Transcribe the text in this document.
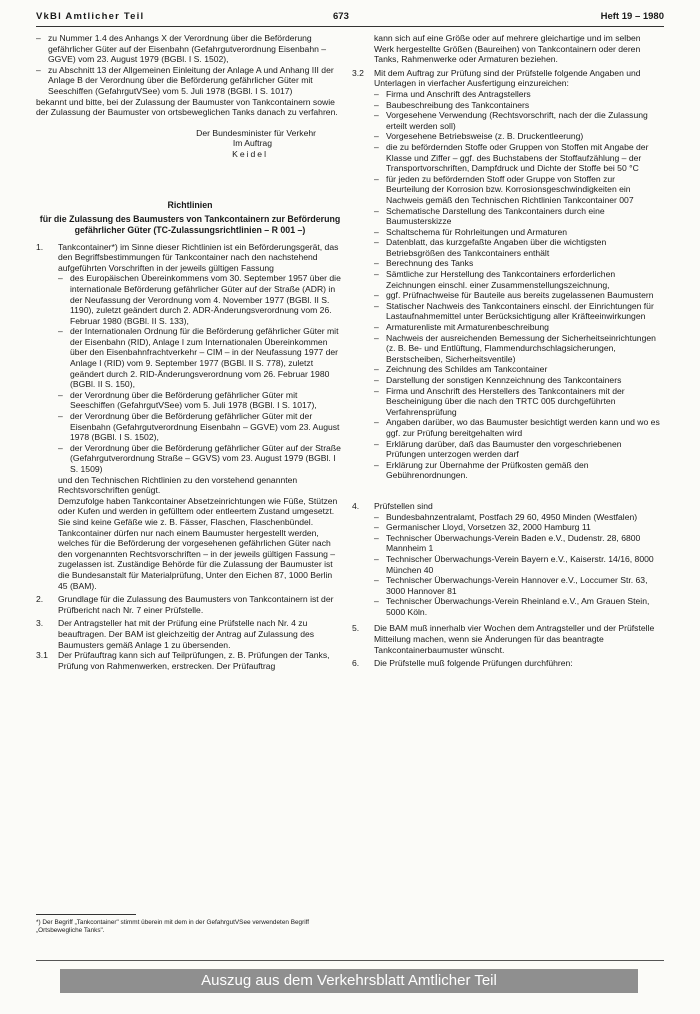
VkBl Amtlicher Teil	673	Heft 19 – 1980
– zu Nummer 1.4 des Anhangs X der Verordnung über die Beförderung gefährlicher Güter auf der Eisenbahn (Gefahrgutverordnung Eisenbahn – GGVE) vom 23. August 1979 (BGBl. I S. 1502),
– zu Abschnitt 13 der Allgemeinen Einleitung der Anlage A und Anhang III der Anlage B der Verordnung über die Beförderung gefährlicher Güter mit Seeschiffen (GefahrgutVSee) vom 5. Juli 1978 (BGBl. I S. 1017)

bekannt und bitte, bei der Zulassung der Baumuster von Tankcontainern sowie der Zulassung der Baumuster von ortsbeweglichen Tanks danach zu verfahren.

Der Bundesminister für Verkehr
Im Auftrag
Keidel
Richtlinien
für die Zulassung des Baumusters von Tankcontainern zur Beförderung gefährlicher Güter (TC-Zulassungsrichtlinien – R 001 –)
1.	Tankcontainer*) im Sinne dieser Richtlinien ist ein Beförderungsgerät, das den Begriffsbestimmungen für Tankcontainer nach den nachstehend aufgeführten Vorschriften in der jeweils gültigen Fassung
– des Europäischen Übereinkommens vom 30. September 1957 über die internationale Beförderung gefährlicher Güter auf der Straße (ADR) in der Neufassung der Verordnung vom 4. November 1977 (BGBl. II S. 1190), zuletzt geändert durch 2. ADR-Änderungsverordnung vom 26. Februar 1980 (BGBl. II S. 133),
– der Internationalen Ordnung für die Beförderung gefährlicher Güter mit der Eisenbahn (RID), Anlage I zum Internationalen Übereinkommen über den Eisenbahnfrachtverkehr – CIM – in der Neufassung 1977 der Anlage I (RID) vom 9. September 1977 (BGBl. II S. 778), zuletzt geändert durch 2. RID-Änderungsverordnung vom 26. Februar 1980 (BGBl. II S. 150),
– der Verordnung über die Beförderung gefährlicher Güter mit Seeschiffen (GefahrgutVSee) vom 5. Juli 1978 (BGBl. I S. 1017),
– der Verordnung über die Beförderung gefährlicher Güter mit der Eisenbahn (Gefahrgutverordnung Eisenbahn – GGVE) vom 23. August 1978 (BGBl. I S. 1502),
– der Verordnung über die Beförderung gefährlicher Güter auf der Straße (Gefahrgutverordnung Straße – GGVS) vom 23. August 1979 (BGBl. I S. 1509)

und den Technischen Richtlinien zu den vorstehend genannten Rechtsvorschriften genügt.

Demzufolge haben Tankcontainer Absetzeinrichtungen wie Füße, Stützen oder Kufen und werden in gefülltem oder entleertem Zustand umgesetzt. Sie sind keine Gefäße wie z. B. Fässer, Flaschen, Flaschenbündel.

Tankcontainer dürfen nur nach einem Baumuster hergestellt werden, welches für die Beförderung der vorgesehenen gefährlichen Güter nach den vorgenannten Rechtsvorschriften – in der jeweils gültigen Fassung – zugelassen ist. Zuständige Behörde für die Zulassung der Baumuster ist die Bundesanstalt für Materialprüfung, Unter den Eichen 87, 1000 Berlin 45 (BAM).

2.	Grundlage für die Zulassung des Baumusters von Tankcontainern ist der Prüfbericht nach Nr. 7 einer Prüfstelle.
3.	Der Antragsteller hat mit der Prüfung eine Prüfstelle nach Nr. 4 zu beauftragen. Der BAM ist gleichzeitig der Antrag auf Zulassung des Baumusters gemäß Anlage 1 zu übersenden.
3.1	Der Prüfauftrag kann sich auf Teilprüfungen, z. B. Prüfungen der Tanks, Prüfung von Rahmenwerken, erstrecken. Der Prüfauftrag

kann sich auf eine Größe oder auf mehrere gleichartige und im selben Werk hergestellte Größen (Baureihen) von Tankcontainern oder deren Tanks, Rahmenwerke oder Armaturen beziehen.

3.2	Mit dem Auftrag zur Prüfung sind der Prüfstelle folgende Angaben und Unterlagen in vierfacher Ausfertigung einzureichen:
– Firma und Anschrift des Antragstellers
– Baubeschreibung des Tankcontainers
– Vorgesehene Verwendung (Rechtsvorschrift, nach der die Zulassung erteilt werden soll)
– Vorgesehene Betriebsweise (z. B. Druckentleerung)
– die zu befördernden Stoffe oder Gruppen von Stoffen mit Angabe der Klasse und Ziffer – ggf. des Buchstabens der Stoffaufzählung – der Transportvorschriften, Dampfdruck und Dichte der Stoffe bei 50 °C
– für jeden zu befördernden Stoff oder Gruppe von Stoffen zur Beurteilung der Korrosion bzw. Korrosionsgeschwindigkeiten ein Nachweis gemäß den Technischen Richtlinien Tankcontainer 007
– Schematische Darstellung des Tankcontainers durch eine Baumusterskizze
– Schaltschema für Rohrleitungen und Armaturen
– Datenblatt, das kurzgefaßte Angaben über die wichtigsten Betriebsgrößen des Tankcontainers enthält
– Berechnung des Tanks
– Sämtliche zur Herstellung des Tankcontainers erforderlichen Zeichnungen einschl. einer Zusammenstellungszeichnung,
– ggf. Prüfnachweise für Bauteile aus bereits zugelassenen Baumustern
– Statischer Nachweis des Tankcontainers einschl. der Einrichtungen für Lastaufnahmemittel unter Berücksichtigung aller Kräfteeinwirkungen
– Armaturenliste mit Armaturenbeschreibung
– Nachweis der ausreichenden Bemessung der Sicherheitseinrichtungen (z. B. Be- und Entlüftung, Flammendurchschlagsicherungen, Berstscheiben, Sicherheitsventile)
– Zeichnung des Schildes am Tankcontainer
– Darstellung der sonstigen Kennzeichnung des Tankcontainers
– Firma und Anschrift des Herstellers des Tankcontainers mit der Bescheinigung über die nach den TRTC 005 durchgeführten Verfahrensprüfung
– Angaben darüber, wo das Baumuster besichtigt werden kann und wo es ggf. zur Prüfung bereitgehalten wird
– Erklärung darüber, daß das Baumuster den vorgeschriebenen Prüfungen unterzogen werden darf
– Erklärung zur Übernahme der Prüfkosten gemäß den Gebührenordnungen.
4.	Prüfstellen sind
– Bundesbahnzentralamt, Postfach 29 60, 4950 Minden (Westfalen)
– Germanischer Lloyd, Vorsetzen 32, 2000 Hamburg 11
– Technischer Überwachungs-Verein Baden e.V., Dudenstr. 28, 6800 Mannheim 1
– Technischer Überwachungs-Verein Bayern e.V., Kaiserstr. 14/16, 8000 München 40
– Technischer Überwachungs-Verein Hannover e.V., Loccumer Str. 63, 3000 Hannover 81
– Technischer Überwachungs-Verein Rheinland e.V., Am Grauen Stein, 5000 Köln.
5.	Die BAM muß innerhalb vier Wochen dem Antragsteller und der Prüfstelle Mitteilung machen, wenn sie Änderungen für das beantragte Tankcontainerbaumuster wünscht.
6.	Die Prüfstelle muß folgende Prüfungen durchführen:
*) Der Begriff „Tankcontainer" stimmt überein mit dem in der GefahrgutVSee verwendeten Begriff „Ortsbewegliche Tanks".
Auszug aus dem Verkehrsblatt Amtlicher Teil
